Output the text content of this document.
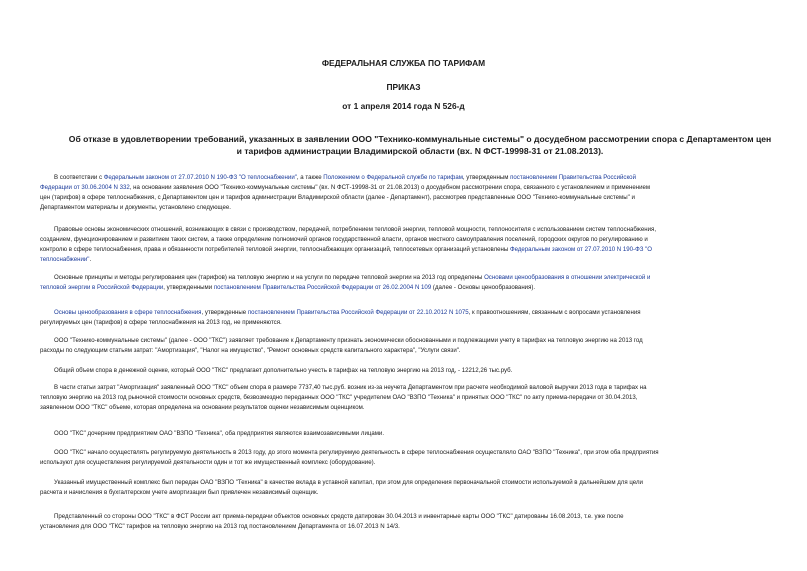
ФЕДЕРАЛЬНАЯ СЛУЖБА ПО ТАРИФАМ
ПРИКАЗ
от 1 апреля 2014 года N 526-д
Об отказе в удовлетворении требований, указанных в заявлении ООО "Технико-коммунальные системы" о досудебном рассмотрении спора с Департаментом цен
и тарифов администрации Владимирской области (вх. N ФСТ-19998-31 от 21.08.2013).
В соответствии с Федеральным законом от 27.07.2010 N 190-ФЗ "О теплоснабжении", а также Положением о Федеральной службе по тарифам, утвержденным постановлением Правительства Российской
Федерации от 30.06.2004 N 332, на основании заявления ООО "Технико-коммунальные системы" (вх. N ФСТ-19998-31 от 21.08.2013) о досудебном рассмотрении спора, связанного с установлением и применением
цен (тарифов) в сфере теплоснабжения, с Департаментом цен и тарифов администрации Владимирской области (далее - Департамент), рассмотрев представленные ООО "Технико-коммунальные системы" и
Департаментом материалы и документы, установлено следующее.
Правовые основы экономических отношений, возникающих в связи с производством, передачей, потреблением тепловой энергии, тепловой мощности, теплоносителя с использованием систем теплоснабжения,
созданием, функционированием и развитием таких систем, а также определение полномочий органов государственной власти, органов местного самоуправления поселений, городских округов по регулированию и
контролю в сфере теплоснабжения, права и обязанности потребителей тепловой энергии, теплоснабжающих организаций, теплосетевых организаций установлены Федеральным законом от 27.07.2010 N 190-ФЗ "О
теплоснабжении".
Основные принципы и методы регулирования цен (тарифов) на тепловую энергию и на услуги по передаче тепловой энергии на 2013 год определены Основами ценообразования в отношении электрической и
тепловой энергии в Российской Федерации, утвержденными постановлением Правительства Российской Федерации от 26.02.2004 N 109 (далее - Основы ценообразования).
Основы ценообразования в сфере теплоснабжения, утвержденные постановлением Правительства Российской Федерации от 22.10.2012 N 1075, к правоотношениям, связанным с вопросами установления
регулируемых цен (тарифов) в сфере теплоснабжения на 2013 год, не применяются.
ООО "Технико-коммунальные системы" (далее - ООО "ТКС") заявляет требование к Департаменту признать экономически обоснованными и подлежащими учету в тарифах на тепловую энергию на 2013 год
расходы по следующим статьям затрат: "Амортизация", "Налог на имущество", "Ремонт основных средств капитального характера", "Услуги связи".
Общий объем спора в денежной оценке, который ООО "ТКС" предлагает дополнительно учесть в тарифах на тепловую энергию на 2013 год, - 12212,26 тыс.руб.
В части статьи затрат "Амортизация" заявленный ООО "ТКС" объем спора в размере 7737,40 тыс.руб. возник из-за неучета Департаментом при расчете необходимой валовой выручки 2013 года в тарифах на
тепловую энергию на 2013 год рыночной стоимости основных средств, безвозмездно переданных ООО "ТКС" учредителем ОАО "ВЗПО "Техника" и принятых ООО "ТКС" по акту приема-передачи от 30.04.2013,
заявленном ООО "ТКС" объеме, которая определена на основании результатов оценки независимым оценщиком.
ООО "ТКС" дочерним предприятием ОАО "ВЗПО "Техника", оба предприятия являются взаимозависимыми лицами.
ООО "ТКС" начало осуществлять регулируемую деятельность в 2013 году, до этого момента регулируемую деятельность в сфере теплоснабжения осуществляло ОАО "ВЗПО "Техника", при этом оба предприятия
используют для осуществления регулируемой деятельности один и тот же имущественный комплекс (оборудование).
Указанный имущественный комплекс был передан ОАО "ВЗПО "Техника" в качестве вклада в уставной капитал, при этом для определения первоначальной стоимости используемой в дальнейшем для цели
расчета и начисления в бухгалтерском учете амортизации был привлечен независимый оценщик.
Представленный со стороны ООО "ТКС" в ФСТ России акт приема-передачи объектов основных средств датирован 30.04.2013 и инвентарные карты ООО "ТКС" датированы 16.08.2013, т.е. уже после
установления для ООО "ТКС" тарифов на тепловую энергию на 2013 год постановлением Департамента от 16.07.2013 N 14/3.
